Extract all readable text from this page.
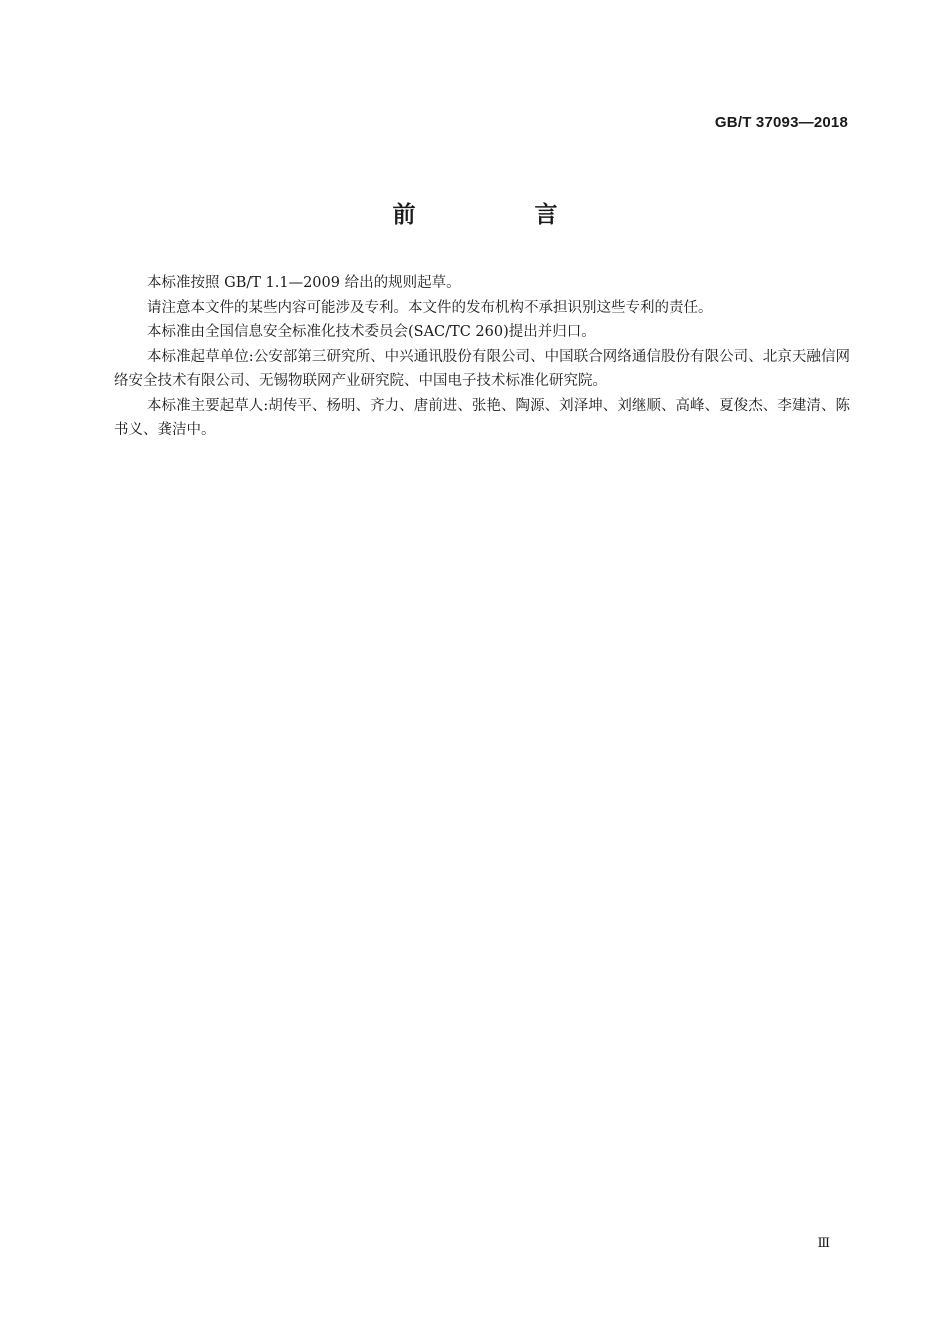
GB/T 37093—2018
前　言

本标准按照 GB/T 1.1—2009 给出的规则起草。

请注意本文件的某些内容可能涉及专利。本文件的发布机构不承担识别这些专利的责任。

本标准由全国信息安全标准化技术委员会(SAC/TC 260)提出并归口。

本标准起草单位:公安部第三研究所、中兴通讯股份有限公司、中国联合网络通信股份有限公司、北京天融信网络安全技术有限公司、无锡物联网产业研究院、中国电子技术标准化研究院。

本标准主要起草人:胡传平、杨明、齐力、唐前进、张艳、陶源、刘泽坤、刘继顺、高峰、夏俊杰、李建清、陈书义、龚洁中。

Ⅲ
